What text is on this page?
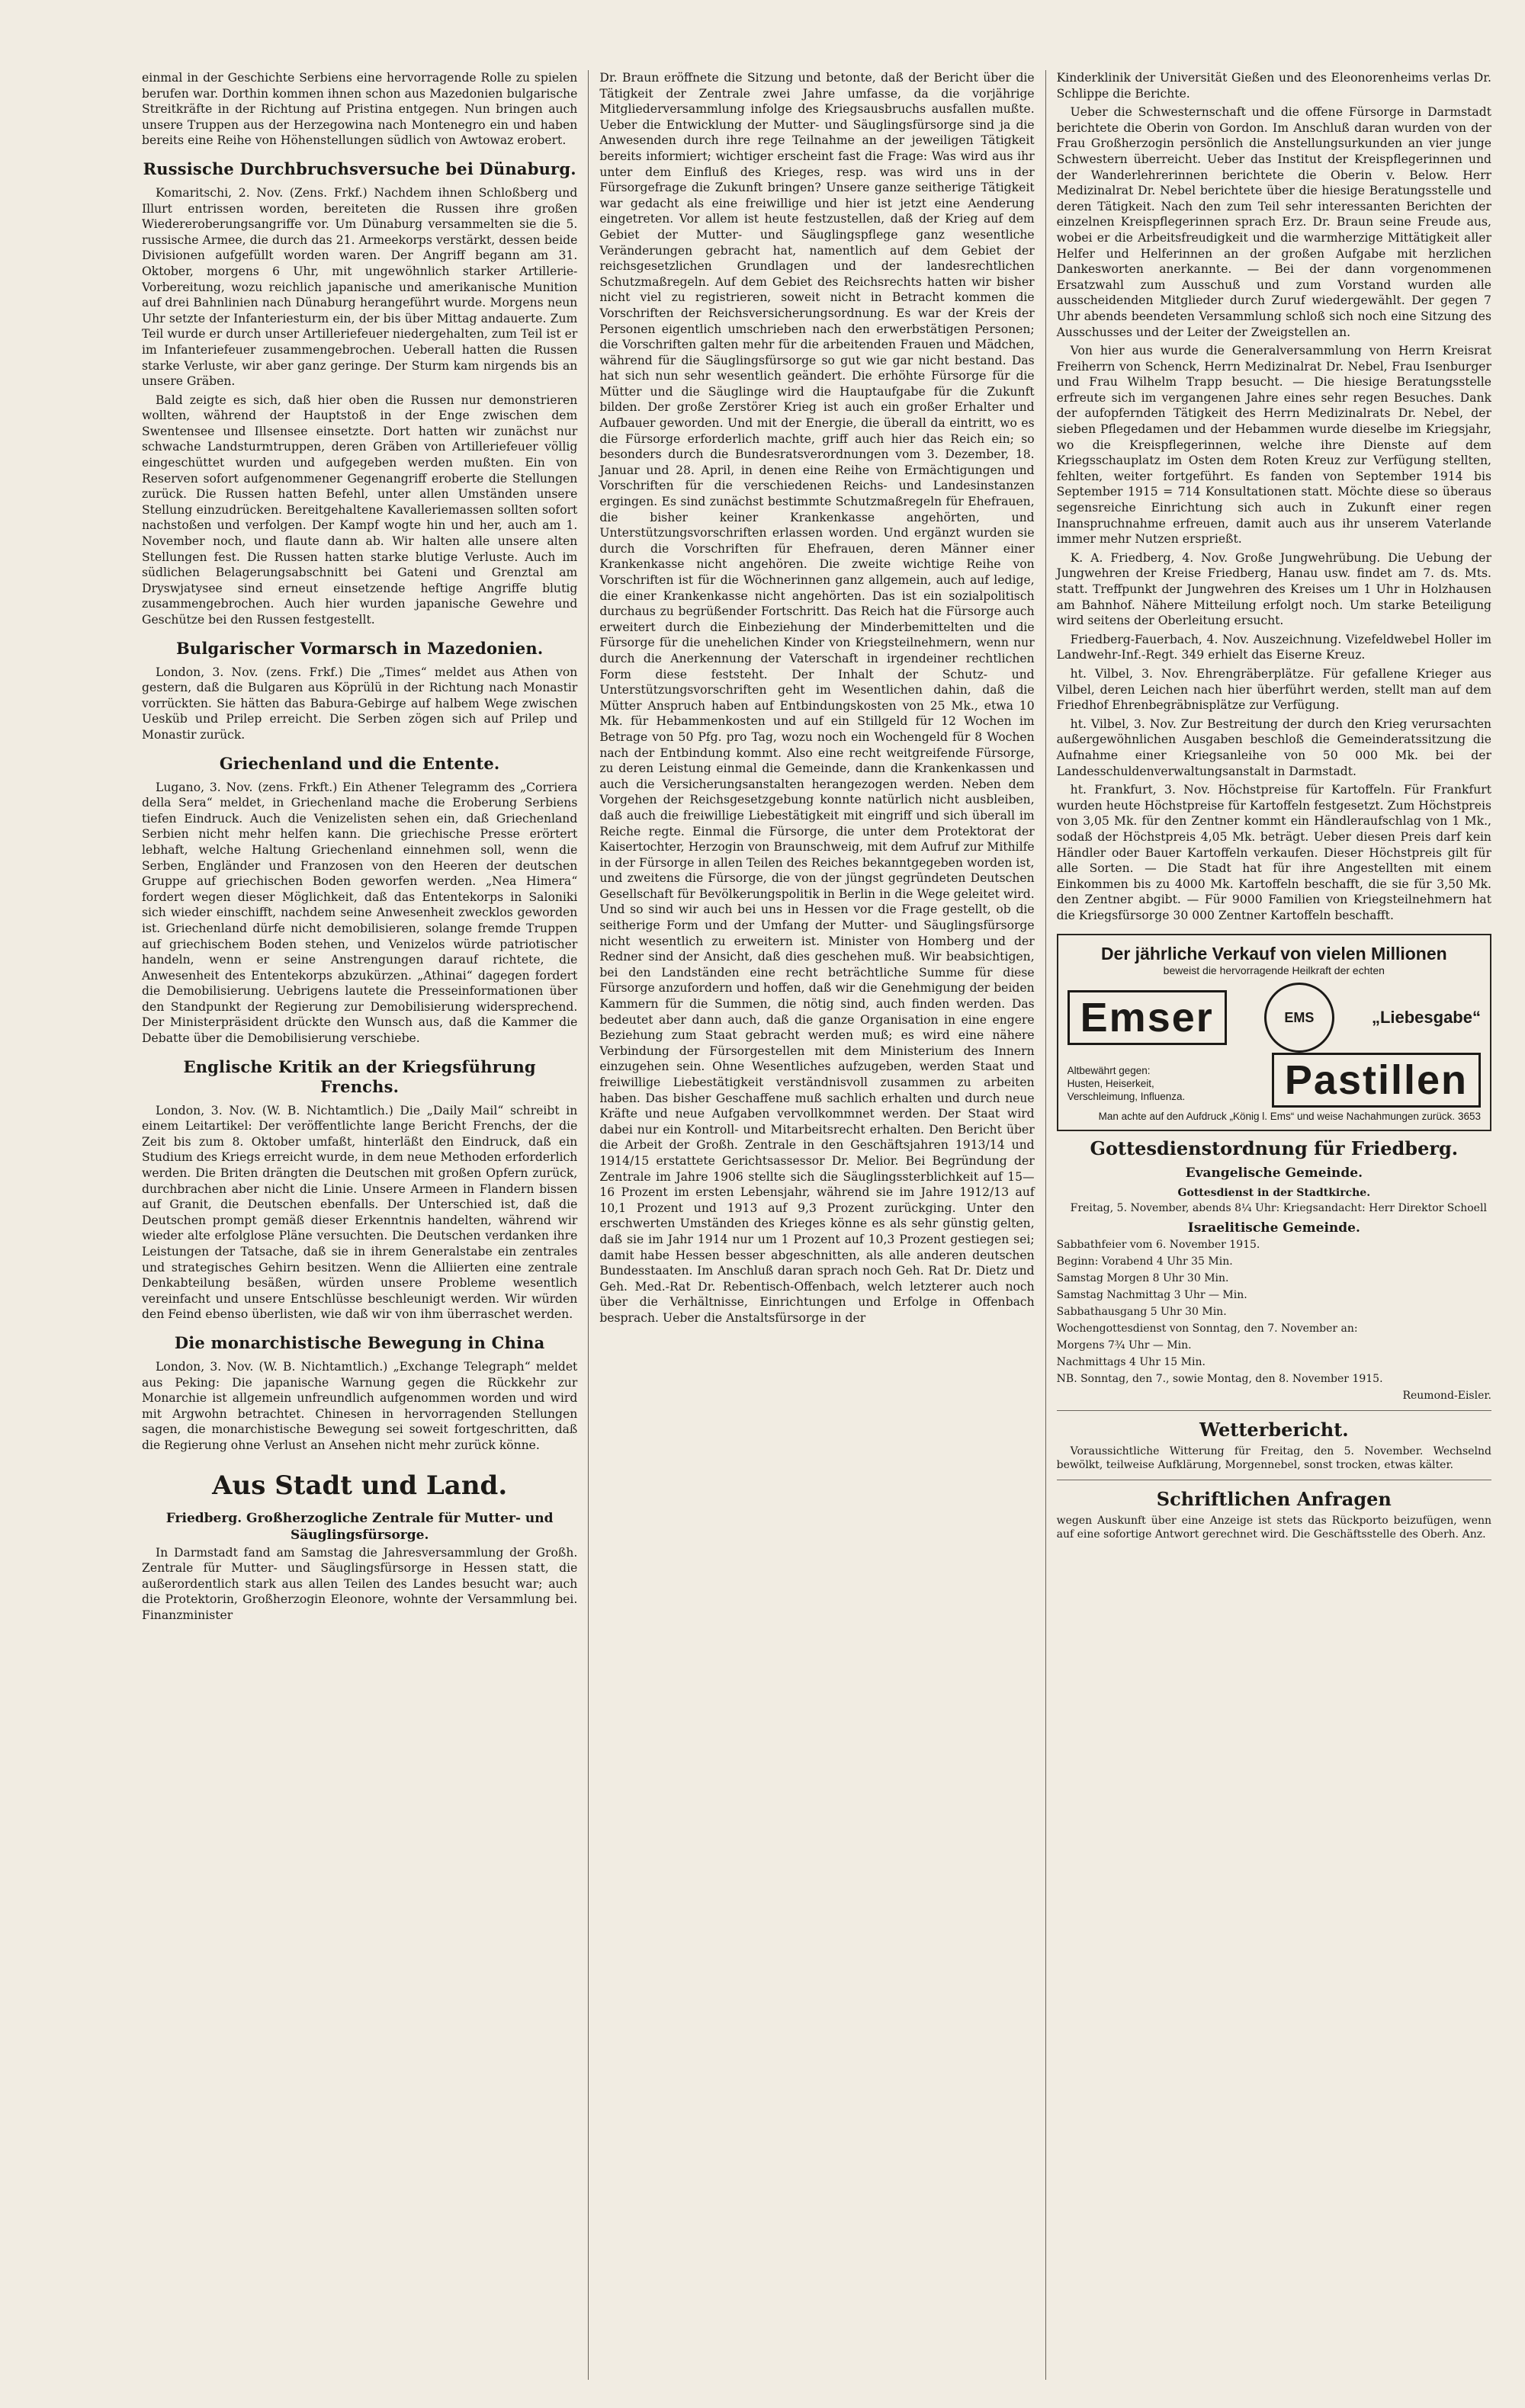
einmal in der Geschichte Serbiens eine hervorragende Rolle zu spielen berufen war. Dorthin kommen ihnen schon aus Mazedonien bulgarische Streitkräfte in der Richtung auf Pristina entgegen. Nun bringen auch unsere Truppen aus der Herzegowina nach Montenegro ein und haben bereits eine Reihe von Höhenstellungen südlich von Awtowaz erobert.

Russische Durchbruchsversuche bei Dünaburg.

Komaritschi, 2. Nov. (Zens. Frkf.) Nachdem ihnen Schloßberg und Illurt entrissen worden, bereiteten die Russen ihre großen Wiedereroberungsangriffe vor. Um Dünaburg versammelten sie die 5. russische Armee, die durch das 21. Armeekorps verstärkt, dessen beide Divisionen aufgefüllt worden waren. Der Angriff begann am 31. Oktober, morgens 6 Uhr, mit ungewöhnlich starker Artillerie-Vorbereitung, wozu reichlich japanische und amerikanische Munition auf drei Bahnlinien nach Dünaburg herangeführt wurde. Morgens neun Uhr setzte der Infanteriesturm ein, der bis über Mittag andauerte. Zum Teil wurde er durch unser Artilleriefeuer niedergehalten, zum Teil ist er im Infanteriefeuer zusammengebrochen. Ueberall hatten die Russen starke Verluste, wir aber ganz geringe. Der Sturm kam nirgends bis an unsere Gräben.

Bald zeigte es sich, daß hier oben die Russen nur demonstrieren wollten, während der Hauptstoß in der Enge zwischen dem Swentensee und Illsensee einsetzte. Dort hatten wir zunächst nur schwache Landsturmtruppen, deren Gräben von Artilleriefeuer völlig eingeschüttet wurden und aufgegeben werden mußten. Ein von Reserven sofort aufgenommener Gegenangriff eroberte die Stellungen zurück. Die Russen hatten Befehl, unter allen Umständen unsere Stellung einzudrücken. Bereitgehaltene Kavalleriemassen sollten sofort nachstoßen und verfolgen. Der Kampf wogte hin und her, auch am 1. November noch, und flaute dann ab. Wir halten alle unsere alten Stellungen fest. Die Russen hatten starke blutige Verluste. Auch im südlichen Belagerungsabschnitt bei Gateni und Grenztal am Dryswjatysee sind erneut einsetzende heftige Angriffe blutig zusammengebrochen. Auch hier wurden japanische Gewehre und Geschütze bei den Russen festgestellt.

Bulgarischer Vormarsch in Mazedonien.

London, 3. Nov. (zens. Frkf.) Die „Times“ meldet aus Athen von gestern, daß die Bulgaren aus Köprülü in der Richtung nach Monastir vorrückten. Sie hätten das Babura-Gebirge auf halbem Wege zwischen Uesküb und Prilep erreicht. Die Serben zögen sich auf Prilep und Monastir zurück.

Griechenland und die Entente.

Lugano, 3. Nov. (zens. Frkft.) Ein Athener Telegramm des „Corriera della Sera“ meldet, in Griechenland mache die Eroberung Serbiens tiefen Eindruck. Auch die Venizelisten sehen ein, daß Griechenland Serbien nicht mehr helfen kann. Die griechische Presse erörtert lebhaft, welche Haltung Griechenland einnehmen soll, wenn die Serben, Engländer und Franzosen von den Heeren der deutschen Gruppe auf griechischen Boden geworfen werden. „Nea Himera“ fordert wegen dieser Möglichkeit, daß das Ententekorps in Saloniki sich wieder einschifft, nachdem seine Anwesenheit zwecklos geworden ist. Griechenland dürfe nicht demobilisieren, solange fremde Truppen auf griechischem Boden stehen, und Venizelos würde patriotischer handeln, wenn er seine Anstrengungen darauf richtete, die Anwesenheit des Ententekorps abzukürzen. „Athinai“ dagegen fordert die Demobilisierung. Uebrigens lautete die Presseinformationen über den Standpunkt der Regierung zur Demobilisierung widersprechend. Der Ministerpräsident drückte den Wunsch aus, daß die Kammer die Debatte über die Demobilisierung verschiebe.

Englische Kritik an der Kriegsführung Frenchs.

London, 3. Nov. (W. B. Nichtamtlich.) Die „Daily Mail“ schreibt in einem Leitartikel: Der veröffentlichte lange Bericht Frenchs, der die Zeit bis zum 8. Oktober umfaßt, hinterläßt den Eindruck, daß ein Studium des Kriegs erreicht wurde, in dem neue Methoden erforderlich werden. Die Briten drängten die Deutschen mit großen Opfern zurück, durchbrachen aber nicht die Linie. Unsere Armeen in Flandern bissen auf Granit, die Deutschen ebenfalls. Der Unterschied ist, daß die Deutschen prompt gemäß dieser Erkenntnis handelten, während wir wieder alte erfolglose Pläne versuchten. Die Deutschen verdanken ihre Leistungen der Tatsache, daß sie in ihrem Generalstabe ein zentrales und strategisches Gehirn besitzen. Wenn die Alliierten eine zentrale Denkabteilung besäßen, würden unsere Probleme wesentlich vereinfacht und unsere Entschlüsse beschleunigt werden. Wir würden den Feind ebenso überlisten, wie daß wir von ihm überraschet werden.

Die monarchistische Bewegung in China

London, 3. Nov. (W. B. Nichtamtlich.) „Exchange Telegraph“ meldet aus Peking: Die japanische Warnung gegen die Rückkehr zur Monarchie ist allgemein unfreundlich aufgenommen worden und wird mit Argwohn betrachtet. Chinesen in hervorragenden Stellungen sagen, die monarchistische Bewegung sei soweit fortgeschritten, daß die Regierung ohne Verlust an Ansehen nicht mehr zurück könne.

Aus Stadt und Land.
Friedberg. Großherzogliche Zentrale für Mutter- und Säuglingsfürsorge.

In Darmstadt fand am Samstag die Jahresversammlung der Großh. Zentrale für Mutter- und Säuglingsfürsorge in Hessen statt, die außerordentlich stark aus allen Teilen des Landes besucht war; auch die Protektorin, Großherzogin Eleonore, wohnte der Versammlung bei. Finanzminister

Dr. Braun eröffnete die Sitzung und betonte, daß der Bericht über die Tätigkeit der Zentrale zwei Jahre umfasse, da die vorjährige Mitgliederversammlung infolge des Kriegsausbruchs ausfallen mußte. Ueber die Entwicklung der Mutter- und Säuglingsfürsorge sind ja die Anwesenden durch ihre rege Teilnahme an der jeweiligen Tätigkeit bereits informiert; wichtiger erscheint fast die Frage: Was wird aus ihr unter dem Einfluß des Krieges, resp. was wird uns in der Fürsorgefrage die Zukunft bringen? Unsere ganze seitherige Tätigkeit war gedacht als eine freiwillige und hier ist jetzt eine Aenderung eingetreten. Vor allem ist heute festzustellen, daß der Krieg auf dem Gebiet der Mutter- und Säuglingspflege ganz wesentliche Veränderungen gebracht hat, namentlich auf dem Gebiet der reichsgesetzlichen Grundlagen und der landesrechtlichen Schutzmaßregeln. Auf dem Gebiet des Reichsrechts hatten wir bisher nicht viel zu registrieren, soweit nicht in Betracht kommen die Vorschriften der Reichsversicherungsordnung. Es war der Kreis der Personen eigentlich umschrieben nach den erwerbstätigen Personen; die Vorschriften galten mehr für die arbeitenden Frauen und Mädchen, während für die Säuglingsfürsorge so gut wie gar nicht bestand. Das hat sich nun sehr wesentlich geändert. Die erhöhte Fürsorge für die Mütter und die Säuglinge wird die Hauptaufgabe für die Zukunft bilden. Der große Zerstörer Krieg ist auch ein großer Erhalter und Aufbauer geworden. Und mit der Energie, die überall da eintritt, wo es die Fürsorge erforderlich machte, griff auch hier das Reich ein; so besonders durch die Bundesratsverordnungen vom 3. Dezember, 18. Januar und 28. April, in denen eine Reihe von Ermächtigungen und Vorschriften für die verschiedenen Reichs- und Landesinstanzen ergingen. Es sind zunächst bestimmte Schutzmaßregeln für Ehefrauen, die bisher keiner Krankenkasse angehörten, und Unterstützungsvorschriften erlassen worden. Und ergänzt wurden sie durch die Vorschriften für Ehefrauen, deren Männer einer Krankenkasse nicht angehören. Die zweite wichtige Reihe von Vorschriften ist für die Wöchnerinnen ganz allgemein, auch auf ledige, die einer Krankenkasse nicht angehörten. Das ist ein sozialpolitisch durchaus zu begrüßender Fortschritt. Das Reich hat die Fürsorge auch erweitert durch die Einbeziehung der Minderbemittelten und die Fürsorge für die unehelichen Kinder von Kriegsteilnehmern, wenn nur durch die Anerkennung der Vaterschaft in irgendeiner rechtlichen Form diese feststeht. Der Inhalt der Schutz- und Unterstützungsvorschriften geht im Wesentlichen dahin, daß die Mütter Anspruch haben auf Entbindungskosten von 25 Mk., etwa 10 Mk. für Hebammenkosten und auf ein Stillgeld für 12 Wochen im Betrage von 50 Pfg. pro Tag, wozu noch ein Wochengeld für 8 Wochen nach der Entbindung kommt. Also eine recht weitgreifende Fürsorge, zu deren Leistung einmal die Gemeinde, dann die Krankenkassen und auch die Versicherungsanstalten herangezogen werden. Neben dem Vorgehen der Reichsgesetzgebung konnte natürlich nicht ausbleiben, daß auch die freiwillige Liebestätigkeit mit eingriff und sich überall im Reiche regte. Einmal die Fürsorge, die unter dem Protektorat der Kaisertochter, Herzogin von Braunschweig, mit dem Aufruf zur Mithilfe in der Fürsorge in allen Teilen des Reiches bekanntgegeben worden ist, und zweitens die Fürsorge, die von der jüngst gegründeten Deutschen Gesellschaft für Bevölkerungspolitik in Berlin in die Wege geleitet wird. Und so sind wir auch bei uns in Hessen vor die Frage gestellt, ob die seitherige Form und der Umfang der Mutter- und Säuglingsfürsorge nicht wesentlich zu erweitern ist. Minister von Homberg und der Redner sind der Ansicht, daß dies geschehen muß. Wir beabsichtigen, bei den Landständen eine recht beträchtliche Summe für diese Fürsorge anzufordern und hoffen, daß wir die Genehmigung der beiden Kammern für die Summen, die nötig sind, auch finden werden. Das bedeutet aber dann auch, daß die ganze Organisation in eine engere Beziehung zum Staat gebracht werden muß; es wird eine nähere Verbindung der Fürsorgestellen mit dem Ministerium des Innern einzugehen sein. Ohne Wesentliches aufzugeben, werden Staat und freiwillige Liebestätigkeit verständnisvoll zusammen zu arbeiten haben. Das bisher Geschaffene muß sachlich erhalten und durch neue Kräfte und neue Aufgaben vervollkommnet werden. Der Staat wird dabei nur ein Kontroll- und Mitarbeitsrecht erhalten. Den Bericht über die Arbeit der Großh. Zentrale in den Geschäftsjahren 1913/14 und 1914/15 erstattete Gerichtsassessor Dr. Melior. Bei Begründung der Zentrale im Jahre 1906 stellte sich die Säuglingssterblichkeit auf 15—16 Prozent im ersten Lebensjahr, während sie im Jahre 1912/13 auf 10,1 Prozent und 1913 auf 9,3 Prozent zurückging. Unter den erschwerten Umständen des Krieges könne es als sehr günstig gelten, daß sie im Jahr 1914 nur um 1 Prozent auf 10,3 Prozent gestiegen sei; damit habe Hessen besser abgeschnitten, als alle anderen deutschen Bundesstaaten. Im Anschluß daran sprach noch Geh. Rat Dr. Dietz und Geh. Med.-Rat Dr. Rebentisch-Offenbach, welch letzterer auch noch über die Verhältnisse, Einrichtungen und Erfolge in Offenbach besprach. Ueber die Anstaltsfürsorge in der

Kinderklinik der Universität Gießen und des Eleonorenheims verlas Dr. Schlippe die Berichte.

Ueber die Schwesternschaft und die offene Fürsorge in Darmstadt berichtete die Oberin von Gordon. Im Anschluß daran wurden von der Frau Großherzogin persönlich die Anstellungsurkunden an vier junge Schwestern überreicht. Ueber das Institut der Kreispflegerinnen und der Wanderlehrerinnen berichtete die Oberin v. Below. Herr Medizinalrat Dr. Nebel berichtete über die hiesige Beratungsstelle und deren Tätigkeit. Nach den zum Teil sehr interessanten Berichten der einzelnen Kreispflegerinnen sprach Erz. Dr. Braun seine Freude aus, wobei er die Arbeitsfreudigkeit und die warmherzige Mittätigkeit aller Helfer und Helferinnen an der großen Aufgabe mit herzlichen Dankesworten anerkannte. — Bei der dann vorgenommenen Ersatzwahl zum Ausschuß und zum Vorstand wurden alle ausscheidenden Mitglieder durch Zuruf wiedergewählt. Der gegen 7 Uhr abends beendeten Versammlung schloß sich noch eine Sitzung des Ausschusses und der Leiter der Zweigstellen an.

Von hier aus wurde die Generalversammlung von Herrn Kreisrat Freiherrn von Schenck, Herrn Medizinalrat Dr. Nebel, Frau Isenburger und Frau Wilhelm Trapp besucht. — Die hiesige Beratungsstelle erfreute sich im vergangenen Jahre eines sehr regen Besuches. Dank der aufopfernden Tätigkeit des Herrn Medizinalrats Dr. Nebel, der sieben Pflegedamen und der Hebammen wurde dieselbe im Kriegsjahr, wo die Kreispflegerinnen, welche ihre Dienste auf dem Kriegsschauplatz im Osten dem Roten Kreuz zur Verfügung stellten, fehlten, weiter fortgeführt. Es fanden von September 1914 bis September 1915 = 714 Konsultationen statt. Möchte diese so überaus segensreiche Einrichtung sich auch in Zukunft einer regen Inanspruchnahme erfreuen, damit auch aus ihr unserem Vaterlande immer mehr Nutzen ersprießt.

K. A. Friedberg, 4. Nov. Große Jungwehrübung. Die Uebung der Jungwehren der Kreise Friedberg, Hanau usw. findet am 7. ds. Mts. statt. Treffpunkt der Jungwehren des Kreises um 1 Uhr in Holzhausen am Bahnhof. Nähere Mitteilung erfolgt noch. Um starke Beteiligung wird seitens der Oberleitung ersucht.

Friedberg-Fauerbach, 4. Nov. Auszeichnung. Vizefeldwebel Holler im Landwehr-Inf.-Regt. 349 erhielt das Eiserne Kreuz.

ht. Vilbel, 3. Nov. Ehrengräberplätze. Für gefallene Krieger aus Vilbel, deren Leichen nach hier überführt werden, stellt man auf dem Friedhof Ehrenbegräbnisplätze zur Verfügung.

ht. Vilbel, 3. Nov. Zur Bestreitung der durch den Krieg verursachten außergewöhnlichen Ausgaben beschloß die Gemeinderatssitzung die Aufnahme einer Kriegsanleihe von 50 000 Mk. bei der Landesschuldenverwaltungsanstalt in Darmstadt.

ht. Frankfurt, 3. Nov. Höchstpreise für Kartoffeln. Für Frankfurt wurden heute Höchstpreise für Kartoffeln festgesetzt. Zum Höchstpreis von 3,05 Mk. für den Zentner kommt ein Händleraufschlag von 1 Mk., sodaß der Höchstpreis 4,05 Mk. beträgt. Ueber diesen Preis darf kein Händler oder Bauer Kartoffeln verkaufen. Dieser Höchstpreis gilt für alle Sorten. — Die Stadt hat für ihre Angestellten mit einem Einkommen bis zu 4000 Mk. Kartoffeln beschafft, die sie für 3,50 Mk. den Zentner abgibt. — Für 9000 Familien von Kriegsteilnehmern hat die Kriegsfürsorge 30 000 Zentner Kartoffeln beschafft.

Der jährliche Verkauf von vielen Millionen
beweist die hervorragende Heilkraft der echten
Emser	EMS	„Liebesgabe“
Altbewährt gegen:
Husten, Heiserkeit,
Verschleimung, Influenza.	Pastillen
Man achte auf den Aufdruck „König l. Ems“ und weise Nachahmungen zurück. 3653
Gottesdienstordnung für Friedberg.
Evangelische Gemeinde.
Gottesdienst in der Stadtkirche.

Freitag, 5. November, abends 8¼ Uhr: Kriegsandacht: Herr Direktor Schoell

Israelitische Gemeinde.

Sabbathfeier vom 6. November 1915.

Beginn: Vorabend 4 Uhr 35 Min.

Samstag Morgen 8 Uhr 30 Min.

Samstag Nachmittag 3 Uhr — Min.

Sabbathausgang 5 Uhr 30 Min.

Wochengottesdienst von Sonntag, den 7. November an:

Morgens 7¾ Uhr — Min.

Nachmittags 4 Uhr 15 Min.

NB. Sonntag, den 7., sowie Montag, den 8. November 1915.

Reumond-Eisler.

Wetterbericht.

Voraussichtliche Witterung für Freitag, den 5. November. Wechselnd bewölkt, teilweise Aufklärung, Morgennebel, sonst trocken, etwas kälter.

Schriftlichen Anfragen

wegen Auskunft über eine Anzeige ist stets das Rückporto beizufügen, wenn auf eine sofortige Antwort gerechnet wird. Die Geschäftsstelle des Oberh. Anz.
